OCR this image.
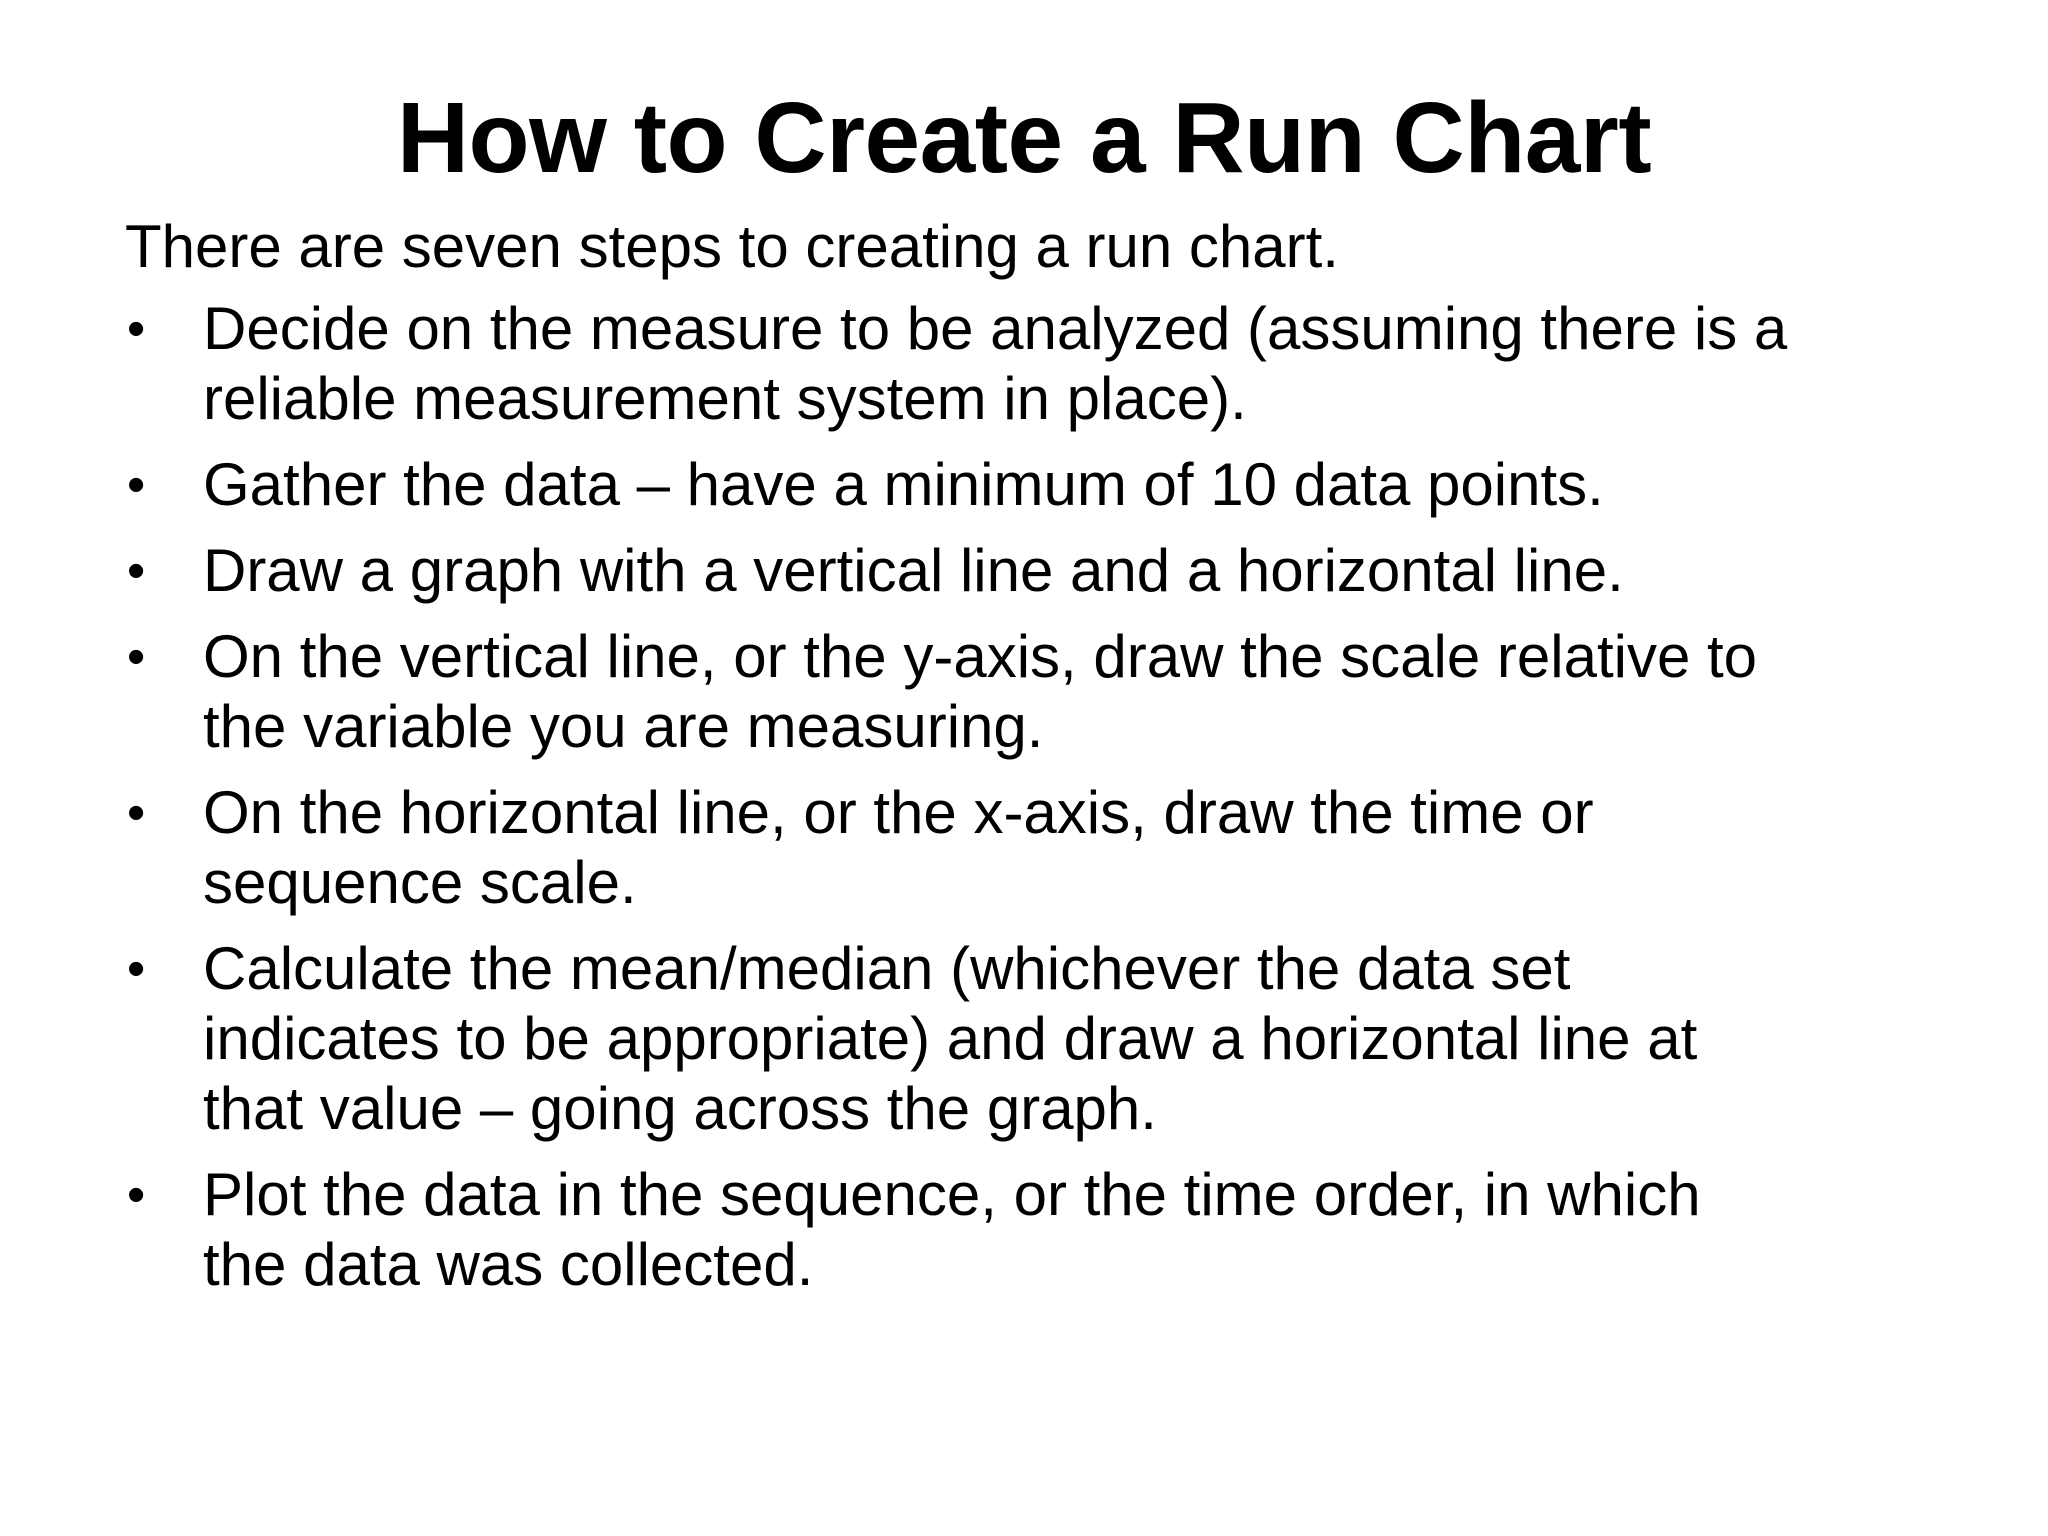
How to Create a Run Chart

There are seven steps to creating a run chart.

• Decide on the measure to be analyzed (assuming there is a
reliable measurement system in place).
• Gather the data – have a minimum of 10 data points.
• Draw a graph with a vertical line and a horizontal line.
• On the vertical line, or the y-axis, draw the scale relative to
the variable you are measuring.
• On the horizontal line, or the x-axis, draw the time or
sequence scale.
• Calculate the mean/median (whichever the data set
indicates to be appropriate) and draw a horizontal line at
that value – going across the graph.
• Plot the data in the sequence, or the time order, in which
the data was collected.
